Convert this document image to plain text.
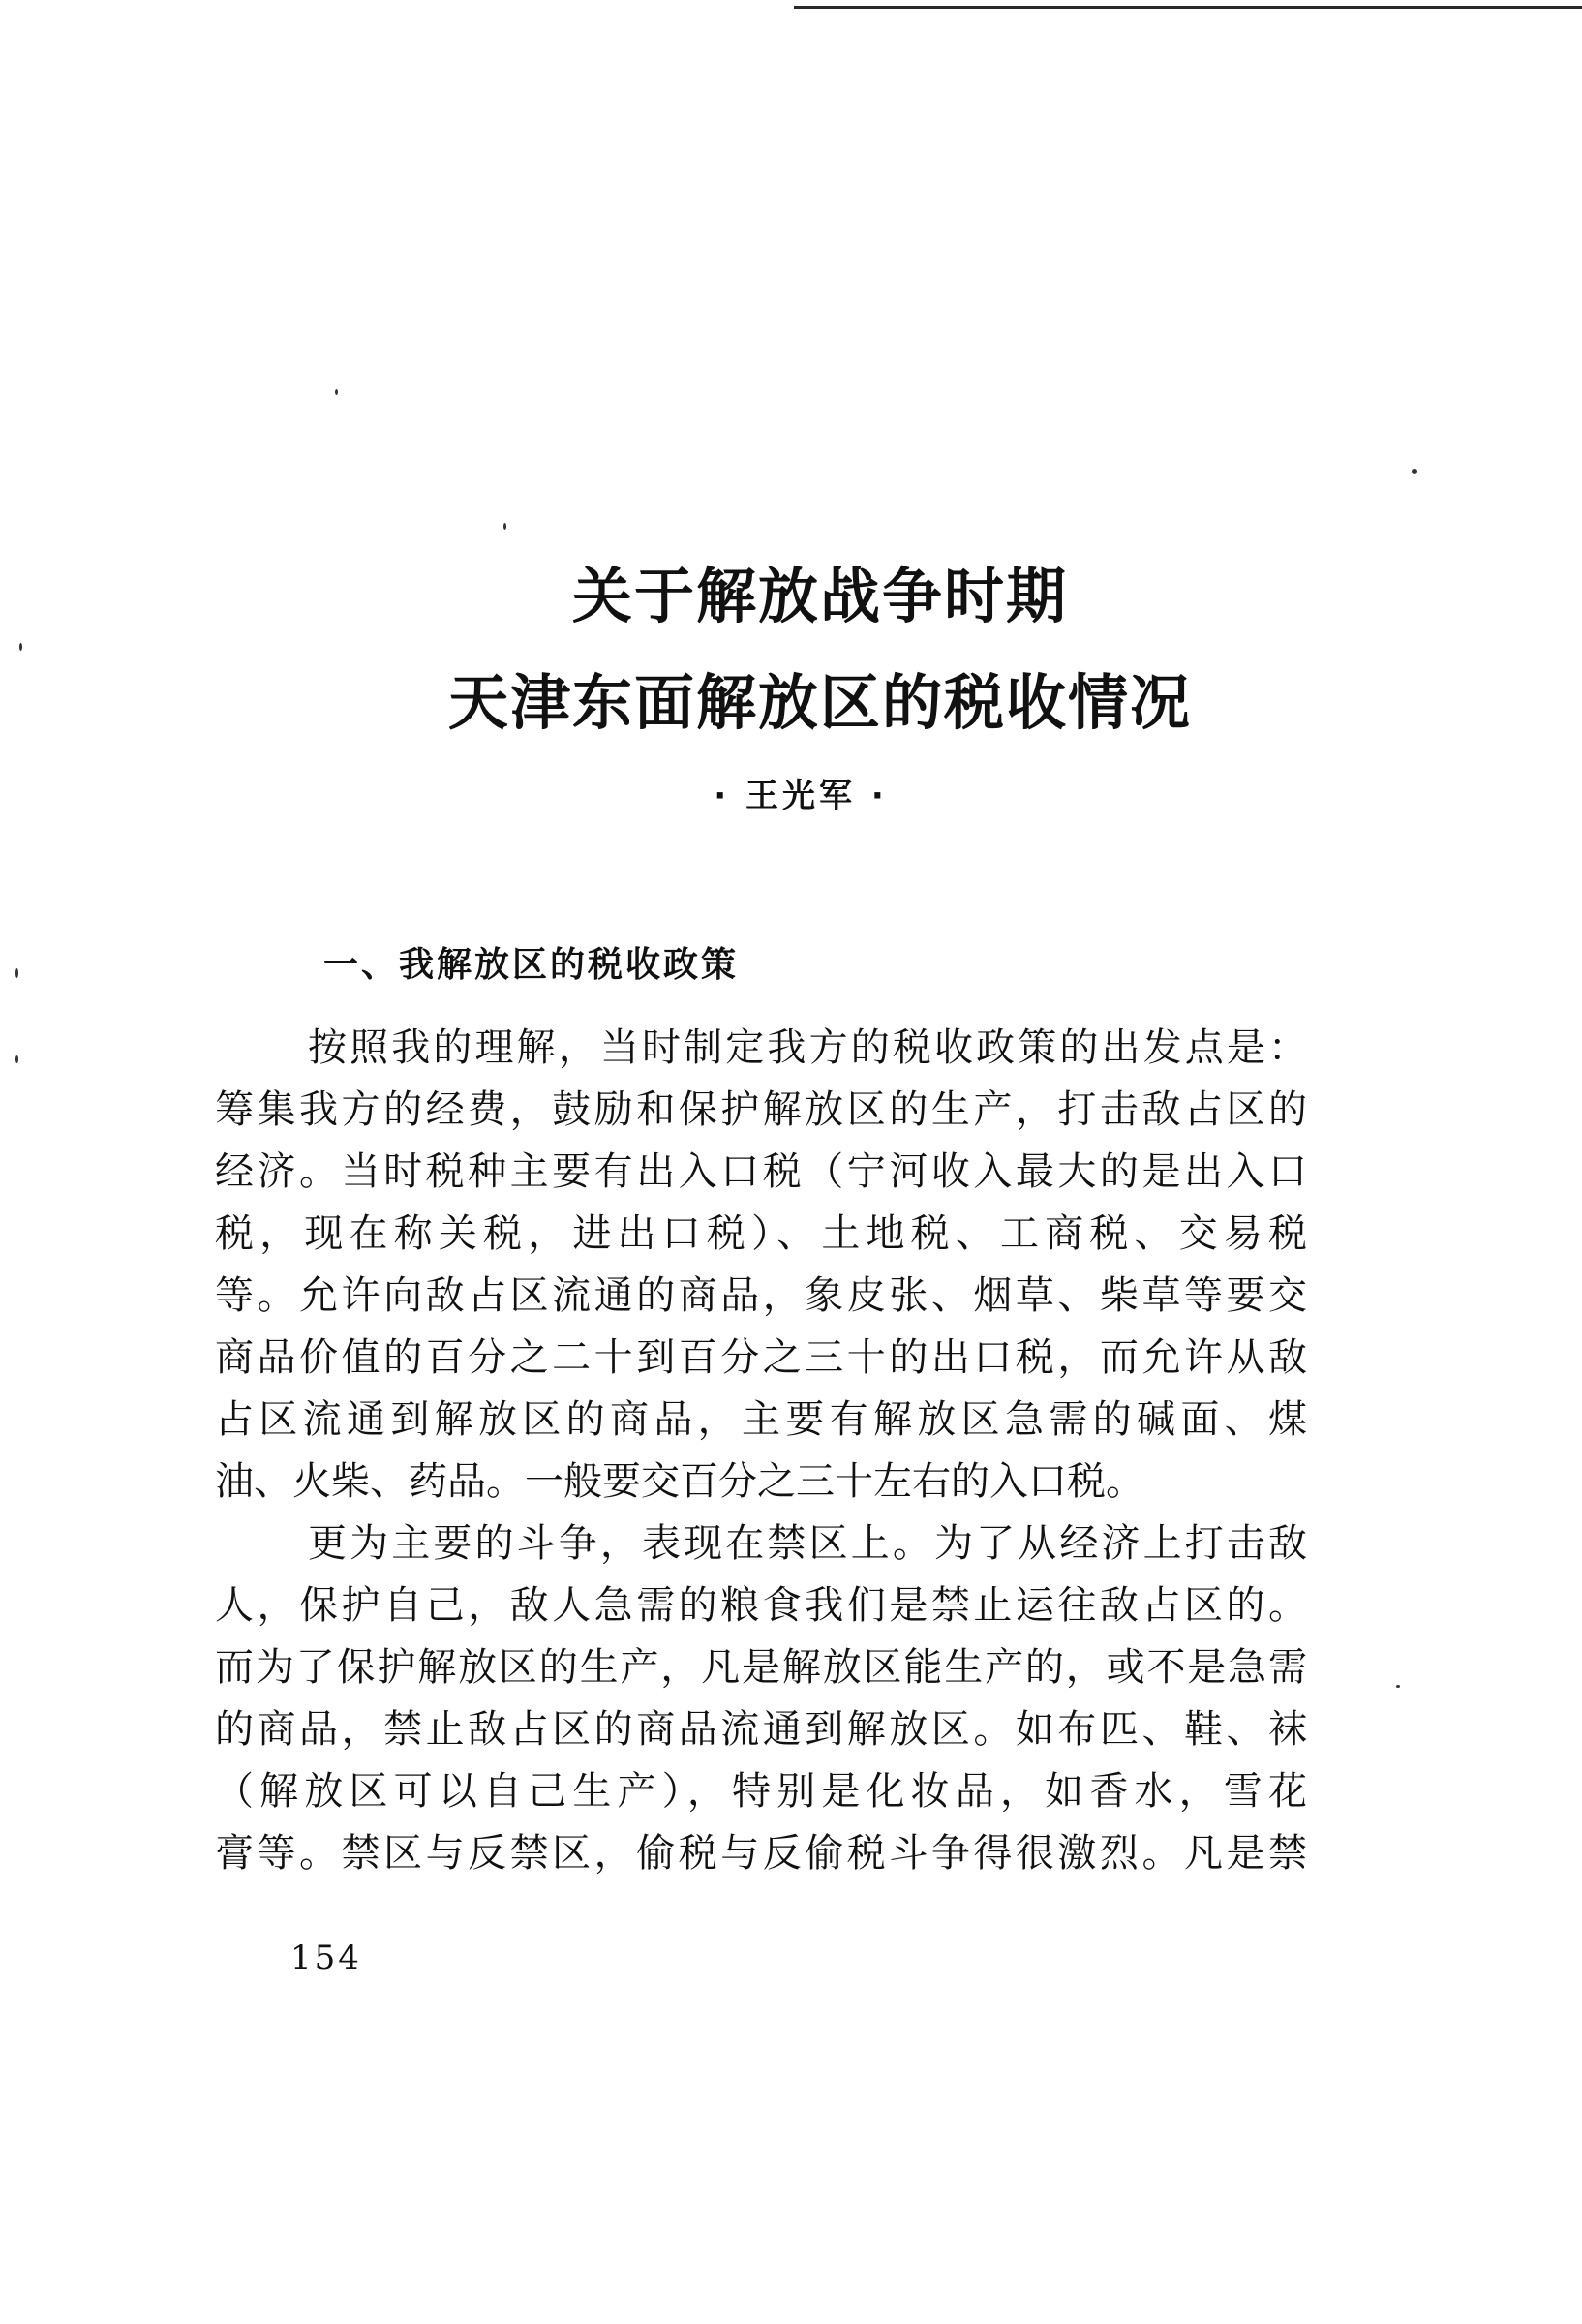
关于解放战争时期
天津东面解放区的税收情况
· 王光军 ·
一、我解放区的税收政策
按照我的理解，当时制定我方的税收政策的出发点是：
筹集我方的经费，鼓励和保护解放区的生产，打击敌占区的
经济。当时税种主要有出入口税（宁河收入最大的是出入口
税，现在称关税，进出口税）、土地税、工商税、交易税
等。允许向敌占区流通的商品，象皮张、烟草、柴草等要交
商品价值的百分之二十到百分之三十的出口税，而允许从敌
占区流通到解放区的商品，主要有解放区急需的碱面、煤
油、火柴、药品。一般要交百分之三十左右的入口税。
更为主要的斗争，表现在禁区上。为了从经济上打击敌
人，保护自己，敌人急需的粮食我们是禁止运往敌占区的。
而为了保护解放区的生产，凡是解放区能生产的，或不是急需
的商品，禁止敌占区的商品流通到解放区。如布匹、鞋、袜
（解放区可以自己生产），特别是化妆品，如香水，雪花
膏等。禁区与反禁区，偷税与反偷税斗争得很激烈。凡是禁
154
